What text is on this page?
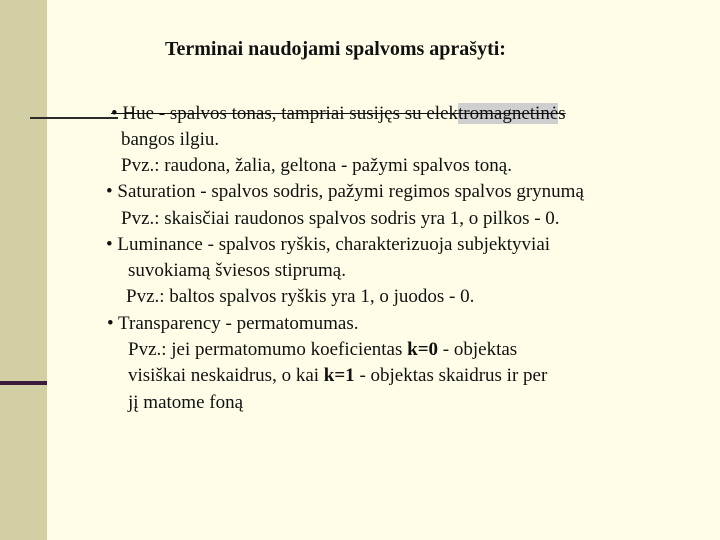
Terminai naudojami spalvoms aprašyti:
• Hue - spalvos tonas, tampriai susijęs su elektromagnetinės
bangos ilgiu.
Pvz.: raudona, žalia, geltona - pažymi spalvos toną.
• Saturation - spalvos sodris, pažymi regimos spalvos grynumą
Pvz.: skaisčiai raudonos spalvos sodris yra 1, o pilkos - 0.
• Luminance - spalvos ryškis, charakterizuoja subjektyviai
suvokiamą šviesos stiprumą.
Pvz.: baltos spalvos ryškis yra 1, o juodos - 0.
• Transparency - permatomumas.
Pvz.: jei permatomumo koeficientas k=0 - objektas
visiškai neskaidrus, o kai k=1 - objektas skaidrus ir per
jį matome foną
